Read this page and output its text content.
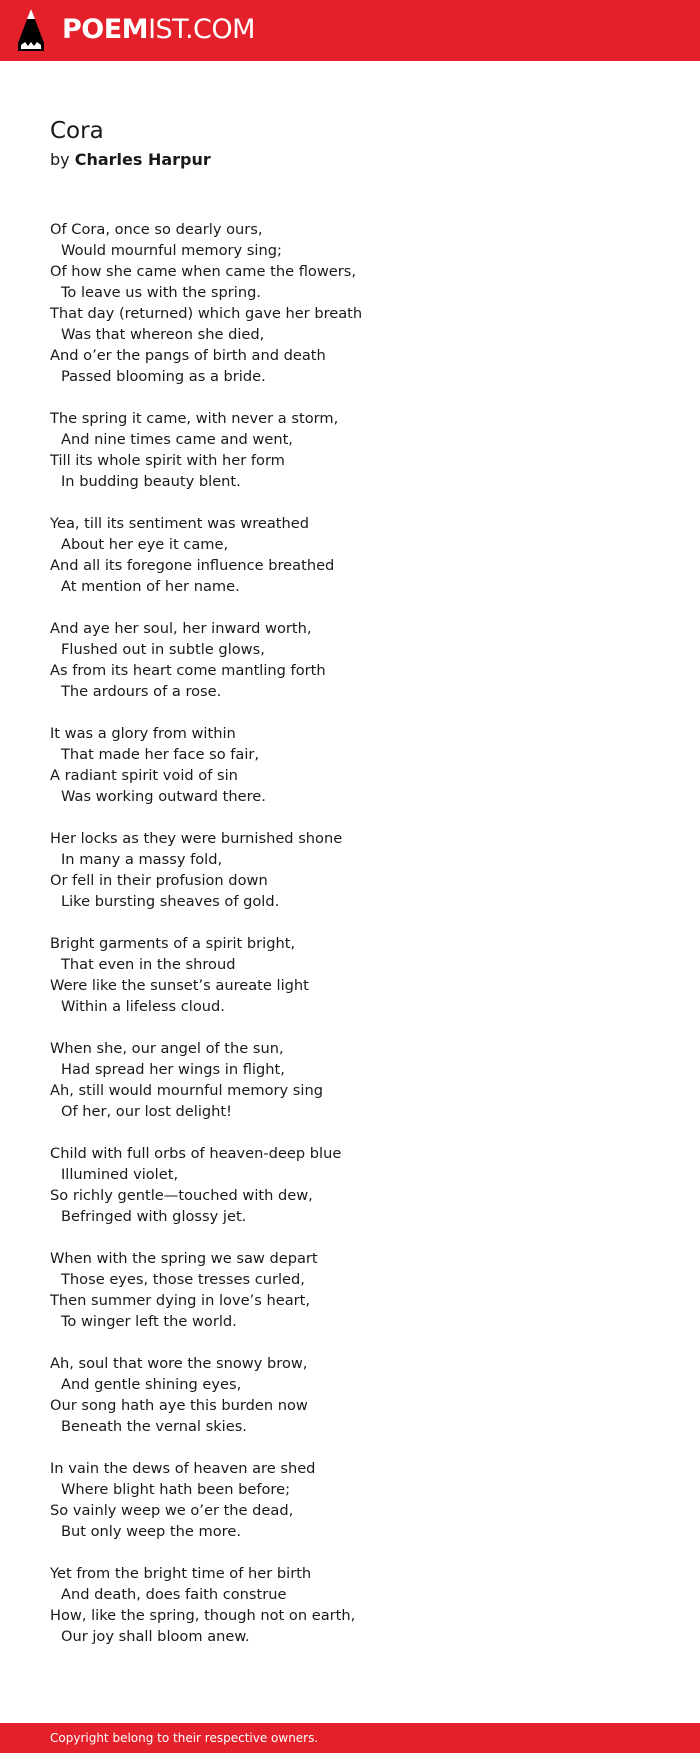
POEMIST.COM
Cora
by Charles Harpur
Of Cora, once so dearly ours,
Would mournful memory sing;
Of how she came when came the flowers,
To leave us with the spring.
That day (returned) which gave her breath
Was that whereon she died,
And o’er the pangs of birth and death
Passed blooming as a bride.
The spring it came, with never a storm,
And nine times came and went,
Till its whole spirit with her form
In budding beauty blent.
Yea, till its sentiment was wreathed
About her eye it came,
And all its foregone influence breathed
At mention of her name.
And aye her soul, her inward worth,
Flushed out in subtle glows,
As from its heart come mantling forth
The ardours of a rose.
It was a glory from within
That made her face so fair,
A radiant spirit void of sin
Was working outward there.
Her locks as they were burnished shone
In many a massy fold,
Or fell in their profusion down
Like bursting sheaves of gold.
Bright garments of a spirit bright,
That even in the shroud
Were like the sunset’s aureate light
Within a lifeless cloud.
When she, our angel of the sun,
Had spread her wings in flight,
Ah, still would mournful memory sing
Of her, our lost delight!
Child with full orbs of heaven-deep blue
Illumined violet,
So richly gentle—touched with dew,
Befringed with glossy jet.
When with the spring we saw depart
Those eyes, those tresses curled,
Then summer dying in love’s heart,
To winger left the world.
Ah, soul that wore the snowy brow,
And gentle shining eyes,
Our song hath aye this burden now
Beneath the vernal skies.
In vain the dews of heaven are shed
Where blight hath been before;
So vainly weep we o’er the dead,
But only weep the more.
Yet from the bright time of her birth
And death, does faith construe
How, like the spring, though not on earth,
Our joy shall bloom anew.
Copyright belong to their respective owners.
